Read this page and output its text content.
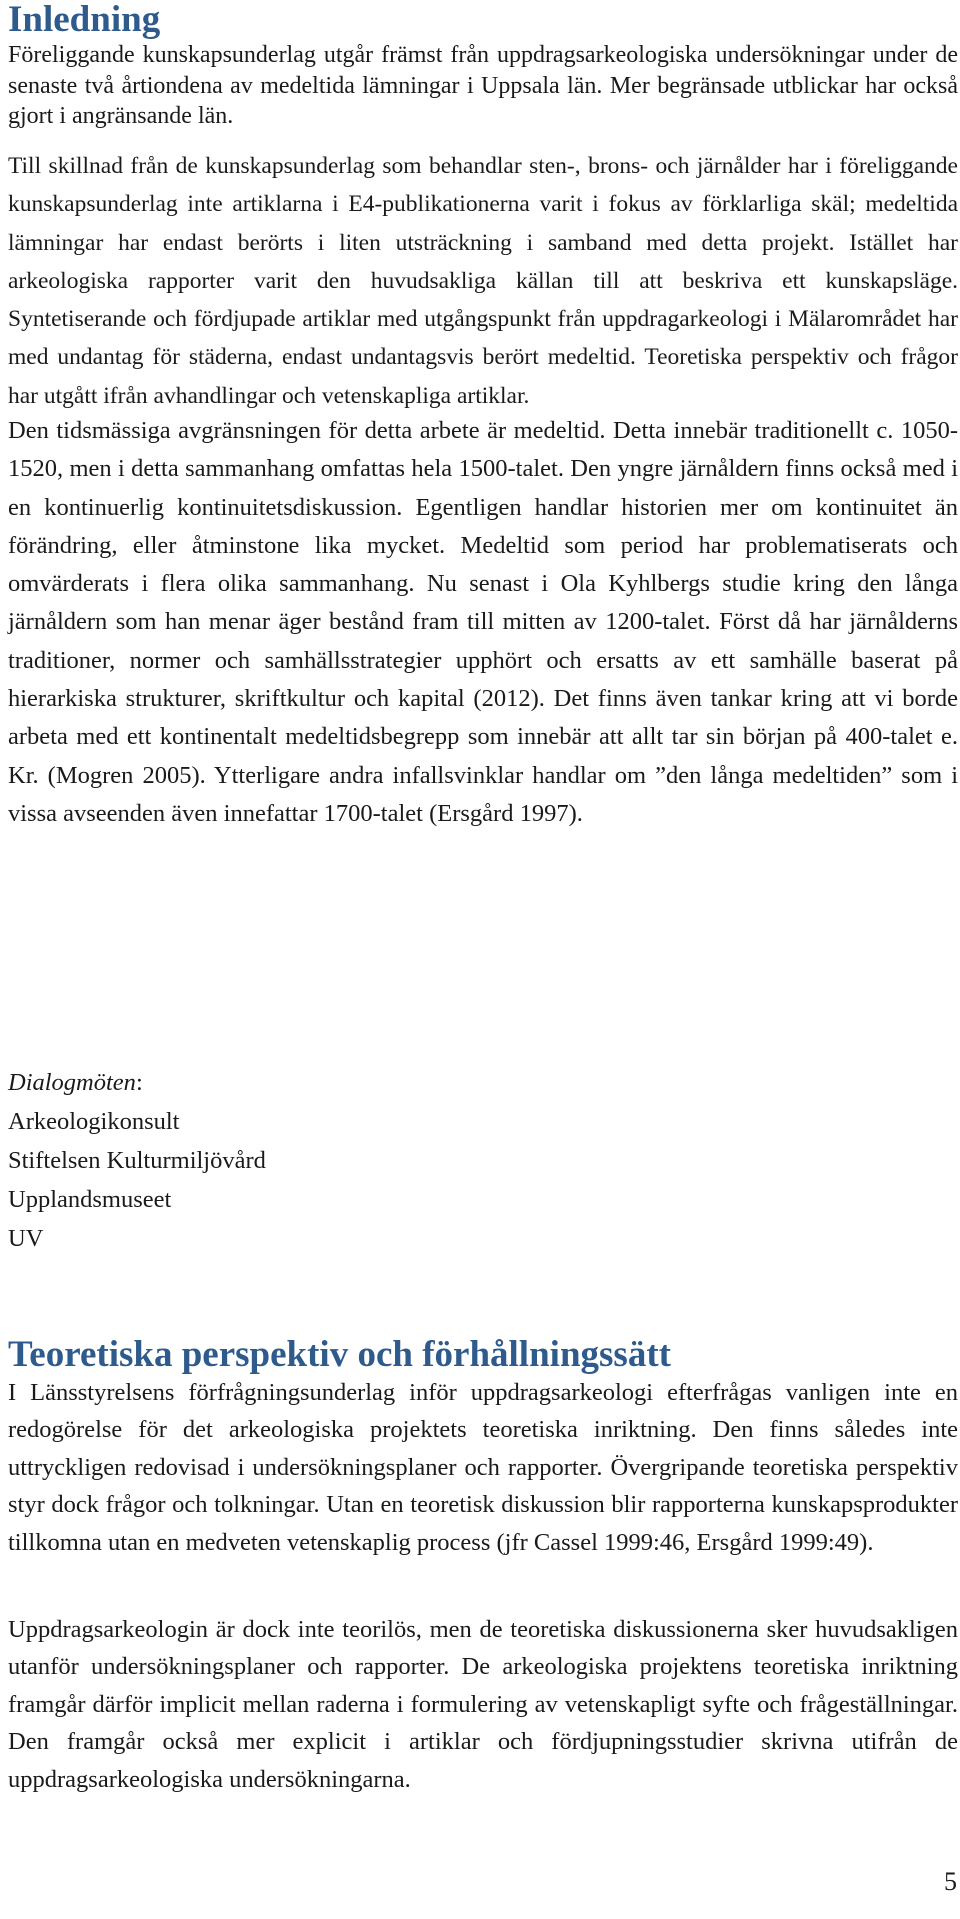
Inledning

Föreliggande kunskapsunderlag utgår främst från uppdragsarkeologiska undersökningar under de senaste två årtiondena av medeltida lämningar i Uppsala län. Mer begränsade utblickar har också gjort i angränsande län.

Till skillnad från de kunskapsunderlag som behandlar sten-, brons- och järnålder har i föreliggande kunskapsunderlag inte artiklarna i E4-publikationerna varit i fokus av förklarliga skäl; medeltida lämningar har endast berörts i liten utsträckning i samband med detta projekt. Istället har arkeologiska rapporter varit den huvudsakliga källan till att beskriva ett kunskapsläge. Syntetiserande och fördjupade artiklar med utgångspunkt från uppdragarkeologi i Mälarområdet har med undantag för städerna, endast undantagsvis berört medeltid. Teoretiska perspektiv och frågor har utgått ifrån avhandlingar och vetenskapliga artiklar.

Den tidsmässiga avgränsningen för detta arbete är medeltid. Detta innebär traditionellt c. 1050-1520, men i detta sammanhang omfattas hela 1500-talet. Den yngre järnåldern finns också med i en kontinuerlig kontinuitetsdiskussion. Egentligen handlar historien mer om kontinuitet än förändring, eller åtminstone lika mycket. Medeltid som period har problematiserats och omvärderats i flera olika sammanhang. Nu senast i Ola Kyhlbergs studie kring den långa järnåldern som han menar äger bestånd fram till mitten av 1200-talet. Först då har järnålderns traditioner, normer och samhällsstrategier upphört och ersatts av ett samhälle baserat på hierarkiska strukturer, skriftkultur och kapital (2012). Det finns även tankar kring att vi borde arbeta med ett kontinentalt medeltidsbegrepp som innebär att allt tar sin början på 400-talet e. Kr. (Mogren 2005). Ytterligare andra infallsvinklar handlar om ”den långa medeltiden” som i vissa avseenden även innefattar 1700-talet (Ersgård 1997).

Dialogmöten:
Arkeologikonsult
Stiftelsen Kulturmiljövård
Upplandsmuseet
UV
Teoretiska perspektiv och förhållningssätt

I Länsstyrelsens förfrågningsunderlag inför uppdragsarkeologi efterfrågas vanligen inte en redogörelse för det arkeologiska projektets teoretiska inriktning. Den finns således inte uttryckligen redovisad i undersökningsplaner och rapporter. Övergripande teoretiska perspektiv styr dock frågor och tolkningar. Utan en teoretisk diskussion blir rapporterna kunskapsprodukter tillkomna utan en medveten vetenskaplig process (jfr Cassel 1999:46, Ersgård 1999:49).

Uppdragsarkeologin är dock inte teorilös, men de teoretiska diskussionerna sker huvudsakligen utanför undersökningsplaner och rapporter. De arkeologiska projektens teoretiska inriktning framgår därför implicit mellan raderna i formulering av vetenskapligt syfte och frågeställningar. Den framgår också mer explicit i artiklar och fördjupningsstudier skrivna utifrån de uppdragsarkeologiska undersökningarna.

5
